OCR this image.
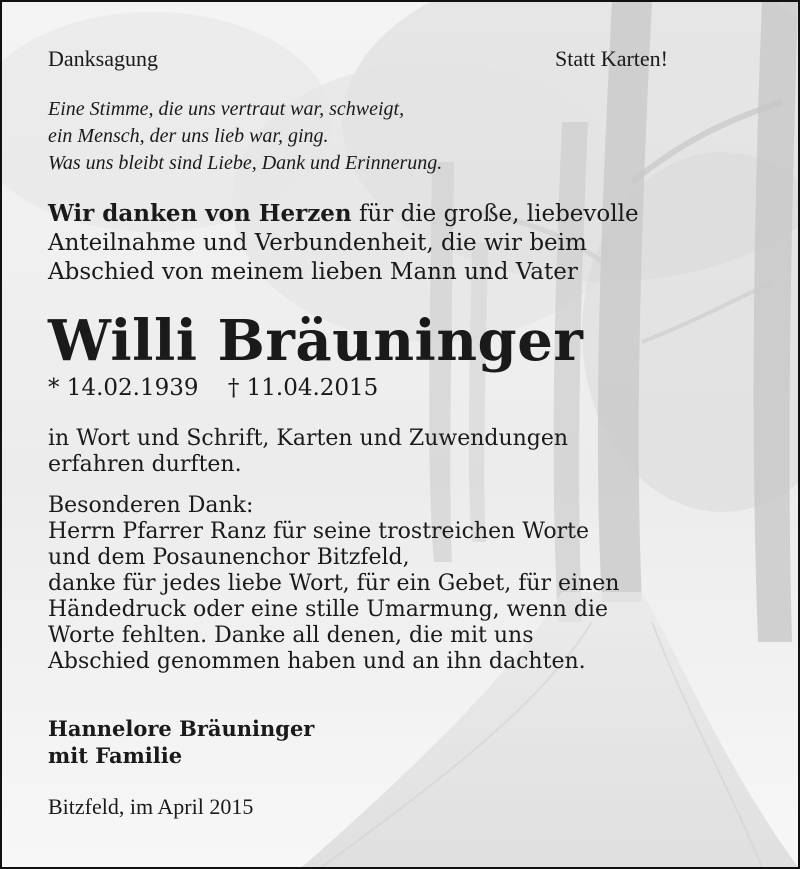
Danksagung	Statt Karten!
Eine Stimme, die uns vertraut war, schweigt,
ein Mensch, der uns lieb war, ging.
Was uns bleibt sind Liebe, Dank und Erinnerung.
Wir danken von Herzen für die große, liebevolle
Anteilnahme und Verbundenheit, die wir beim
Abschied von meinem lieben Mann und Vater
Willi Bräuninger
* 14.02.1939 † 11.04.2015
in Wort und Schrift, Karten und Zuwendungen
erfahren durften.
Besonderen Dank:
Herrn Pfarrer Ranz für seine trostreichen Worte
und dem Posaunenchor Bitzfeld,
danke für jedes liebe Wort, für ein Gebet, für einen
Händedruck oder eine stille Umarmung, wenn die
Worte fehlten. Danke all denen, die mit uns
Abschied genommen haben und an ihn dachten.
Hannelore Bräuninger
mit Familie
Bitzfeld, im April 2015
